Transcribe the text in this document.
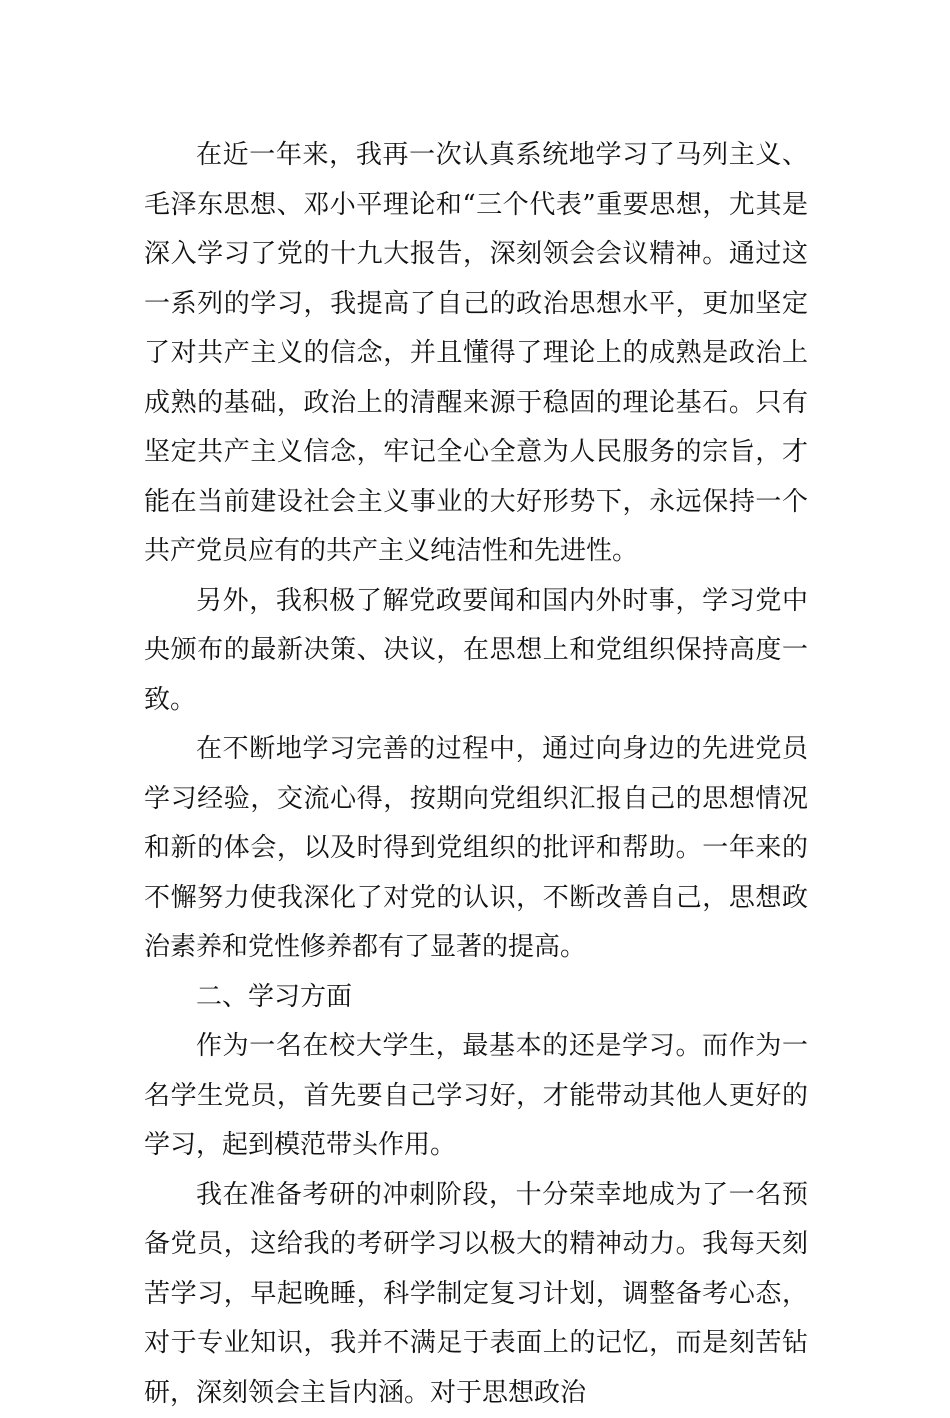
在近一年来，我再一次认真系统地学习了马列主义、毛泽东思想、邓小平理论和“三个代表”重要思想，尤其是深入学习了党的十九大报告，深刻领会会议精神。通过这一系列的学习，我提高了自己的政治思想水平，更加坚定了对共产主义的信念，并且懂得了理论上的成熟是政治上成熟的基础，政治上的清醒来源于稳固的理论基石。只有坚定共产主义信念，牢记全心全意为人民服务的宗旨，才能在当前建设社会主义事业的大好形势下，永远保持一个共产党员应有的共产主义纯洁性和先进性。

另外，我积极了解党政要闻和国内外时事，学习党中央颁布的最新决策、决议，在思想上和党组织保持高度一致。

在不断地学习完善的过程中，通过向身边的先进党员学习经验，交流心得，按期向党组织汇报自己的思想情况和新的体会，以及时得到党组织的批评和帮助。一年来的不懈努力使我深化了对党的认识，不断改善自己，思想政治素养和党性修养都有了显著的提高。

二、学习方面

作为一名在校大学生，最基本的还是学习。而作为一名学生党员，首先要自己学习好，才能带动其他人更好的学习，起到模范带头作用。

我在准备考研的冲刺阶段，十分荣幸地成为了一名预备党员，这给我的考研学习以极大的精神动力。我每天刻苦学习，早起晚睡，科学制定复习计划，调整备考心态，对于专业知识，我并不满足于表面上的记忆，而是刻苦钻研，深刻领会主旨内涵。对于思想政治
